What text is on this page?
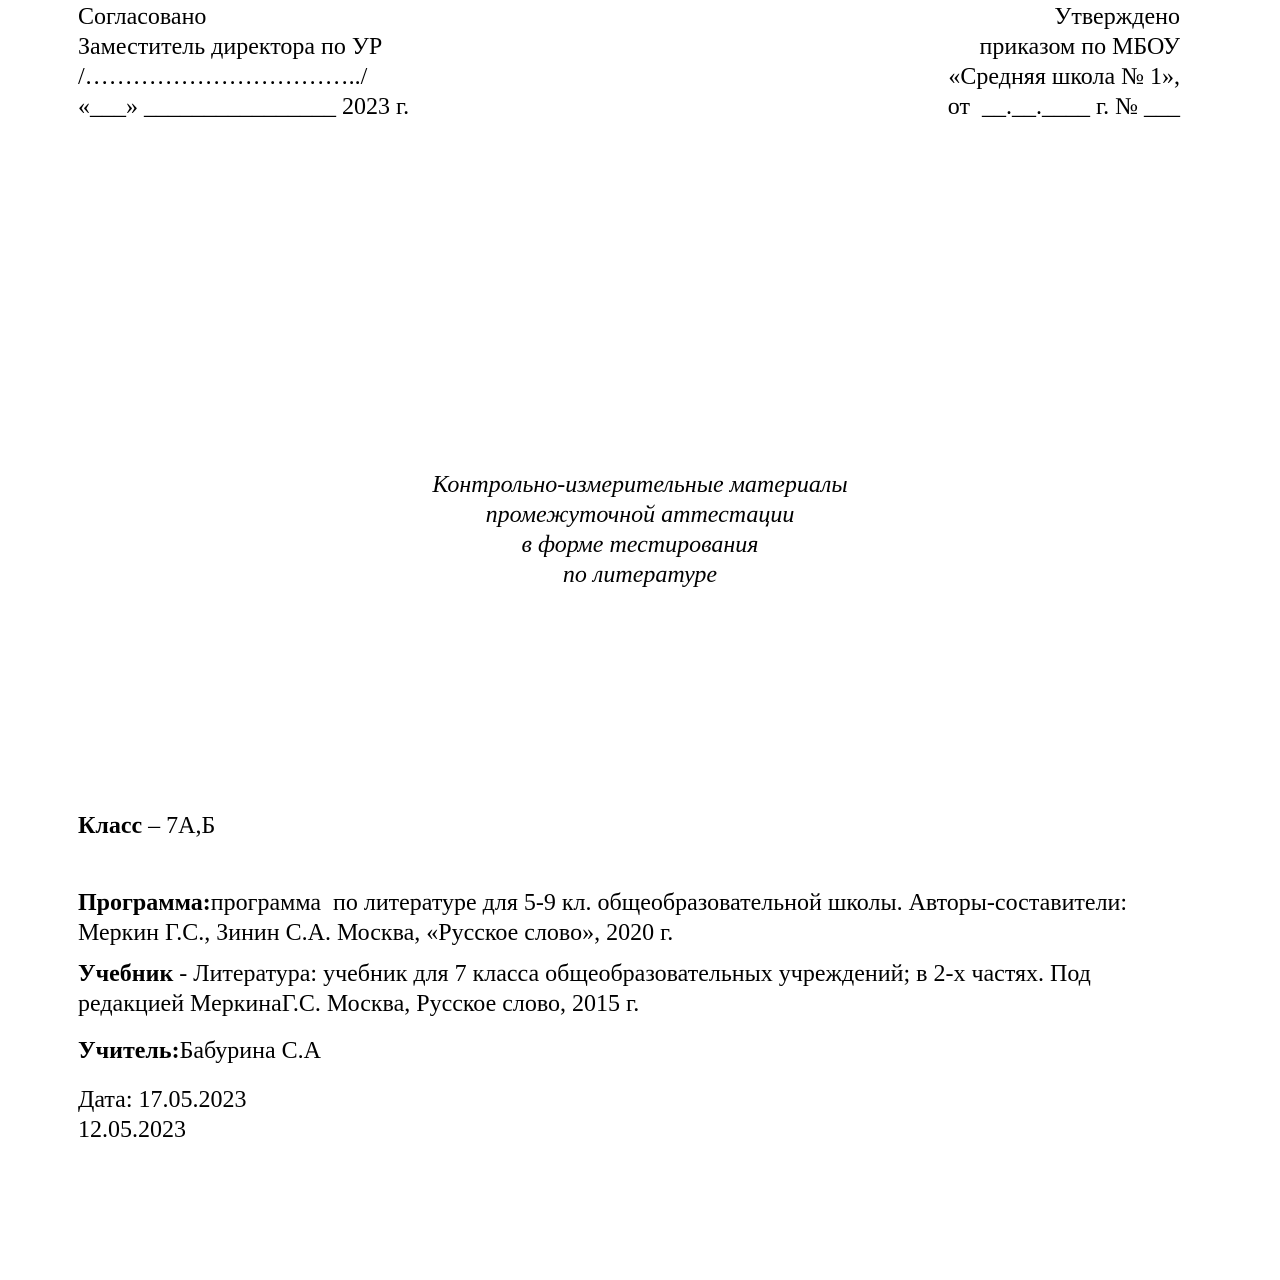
Согласовано
Заместитель директора по УР
/……………………………../
«___» ________________ 2023 г.
Утверждено
приказом по МБОУ
«Средняя школа № 1»,
от  __.__.____ г. № ___
Контрольно-измерительные материалы
промежуточной аттестации
в форме тестирования
по литературе

Класс – 7А,Б

Программа:программа  по литературе для 5-9 кл. общеобразовательной школы. Авторы-составители:
Меркин Г.С., Зинин С.А. Москва, «Русское слово», 2020 г.

Учебник - Литература: учебник для 7 класса общеобразовательных учреждений; в 2-х частях. Под
редакцией МеркинаГ.С. Москва, Русское слово, 2015 г.

Учитель:Бабурина С.А

Дата: 17.05.2023
12.05.2023
